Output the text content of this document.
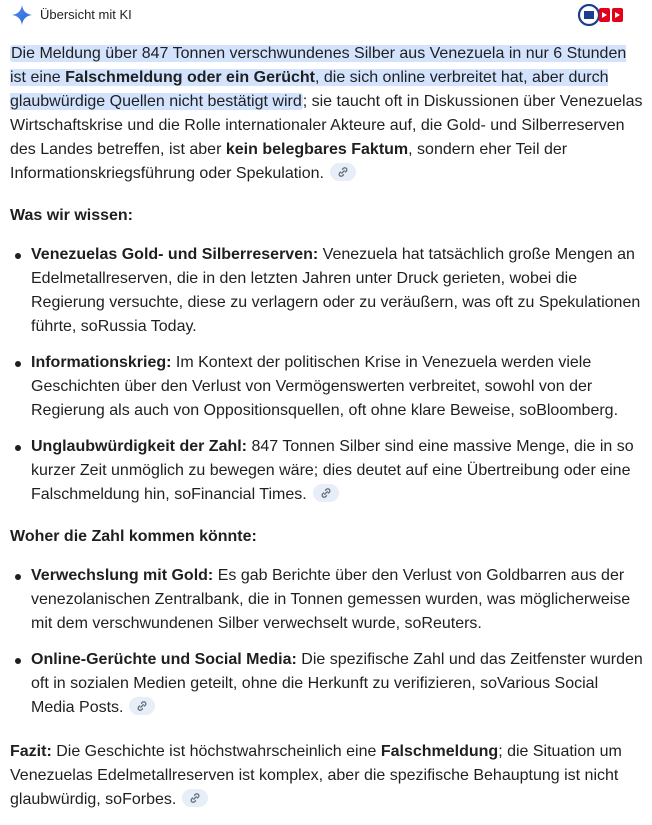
Übersicht mit KI

Die Meldung über 847 Tonnen verschwundenes Silber aus Venezuela in nur 6 Stunden ist eine Falschmeldung oder ein Gerücht, die sich online verbreitet hat, aber durch glaubwürdige Quellen nicht bestätigt wird; sie taucht oft in Diskussionen über Venezuelas Wirtschaftskrise und die Rolle internationaler Akteure auf, die Gold- und Silberreserven des Landes betreffen, ist aber kein belegbares Faktum, sondern eher Teil der Informationskriegsführung oder Spekulation.

Was wir wissen:

Venezuelas Gold- und Silberreserven: Venezuela hat tatsächlich große Mengen an Edelmetallreserven, die in den letzten Jahren unter Druck gerieten, wobei die Regierung versuchte, diese zu verlagern oder zu veräußern, was oft zu Spekulationen führte, soRussia Today.
Informationskrieg: Im Kontext der politischen Krise in Venezuela werden viele Geschichten über den Verlust von Vermögenswerten verbreitet, sowohl von der Regierung als auch von Oppositionsquellen, oft ohne klare Beweise, soBloomberg.
Unglaubwürdigkeit der Zahl: 847 Tonnen Silber sind eine massive Menge, die in so kurzer Zeit unmöglich zu bewegen wäre; dies deutet auf eine Übertreibung oder eine Falschmeldung hin, soFinancial Times.

Woher die Zahl kommen könnte:

Verwechslung mit Gold: Es gab Berichte über den Verlust von Goldbarren aus der venezolanischen Zentralbank, die in Tonnen gemessen wurden, was möglicherweise mit dem verschwundenen Silber verwechselt wurde, soReuters.
Online-Gerüchte und Social Media: Die spezifische Zahl und das Zeitfenster wurden oft in sozialen Medien geteilt, ohne die Herkunft zu verifizieren, soVarious Social Media Posts.

Fazit: Die Geschichte ist höchstwahrscheinlich eine Falschmeldung; die Situation um Venezuelas Edelmetallreserven ist komplex, aber die spezifische Behauptung ist nicht glaubwürdig, soForbes.
